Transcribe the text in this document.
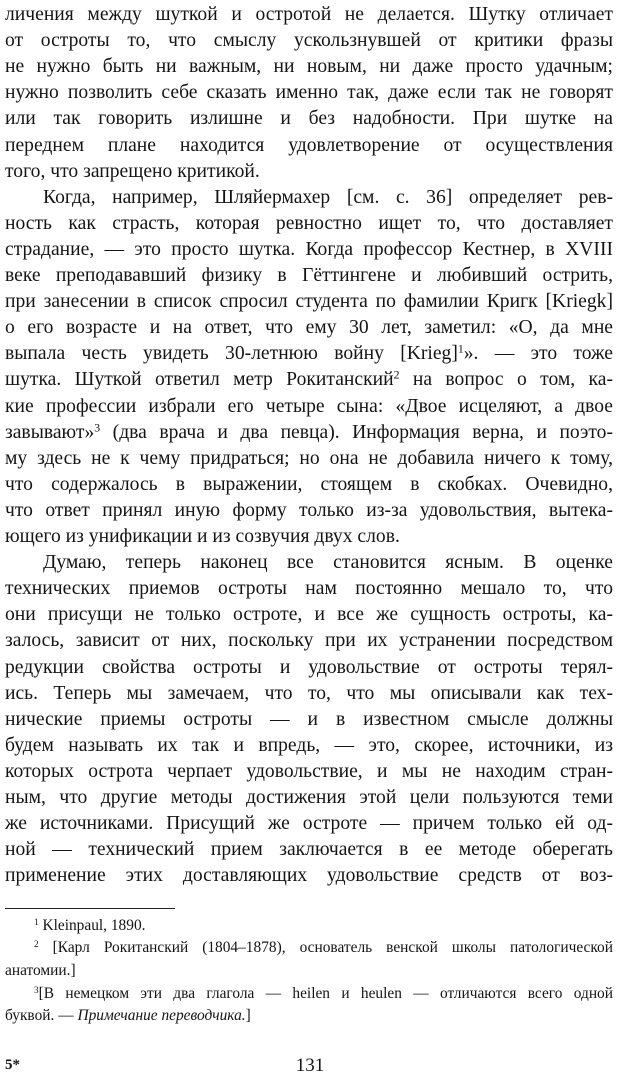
личения между шуткой и остротой не делается. Шутку отличает
от остроты то, что смыслу ускользнувшей от критики фразы
не нужно быть ни важным, ни новым, ни даже просто удачным;
нужно позволить себе сказать именно так, даже если так не говорят
или так говорить излишне и без надобности. При шутке на
переднем плане находится удовлетворение от осуществления
того, что запрещено критикой.
Когда, например, Шляйермахер [см. с. 36] определяет рев-
ность как страсть, которая ревностно ищет то, что доставляет
страдание, — это просто шутка. Когда профессор Кестнер, в XVIII
веке преподававший физику в Гёттингене и любивший острить,
при занесении в список спросил студента по фамилии Кригк [Kriegk]
о его возрасте и на ответ, что ему 30 лет, заметил: «О, да мне
выпала честь увидеть 30-летнюю войну [Krieg]$^1$». — это тоже
шутка. Шуткой ответил метр Рокитанский$^2$ на вопрос о том, ка-
кие профессии избрали его четыре сына: «Двое исцеляют, а двое
завывают»$^3$ (два врача и два певца). Информация верна, и поэто-
му здесь не к чему придраться; но она не добавила ничего к тому,
что содержалось в выражении, стоящем в скобках. Очевидно,
что ответ принял иную форму только из-за удовольствия, вытека-
ющего из унификации и из созвучия двух слов.
Думаю, теперь наконец все становится ясным. В оценке
технических приемов остроты нам постоянно мешало то, что
они присущи не только остроте, и все же сущность остроты, ка-
залось, зависит от них, поскольку при их устранении посредством
редукции свойства остроты и удовольствие от остроты терял-
ись. Теперь мы замечаем, что то, что мы описывали как тех-
нические приемы остроты — и в известном смысле должны
будем называть их так и впредь, — это, скорее, источники, из
которых острота черпает удовольствие, и мы не находим стран-
ным, что другие методы достижения этой цели пользуются теми
же источниками. Присущий же остроте — причем только ей од-
ной — технический прием заключается в ее методе оберегать
применение этих доставляющих удовольствие средств от воз-
$^1$ Kleinpaul, 1890.
$^2$ [Карл Рокитанский (1804–1878), основатель венской школы патологической
анатомии.]
$^3$[В немецком эти два глагола — heilen и heulen — отличаются всего одной
буквой. — Примечание переводчика.]
5*	131
